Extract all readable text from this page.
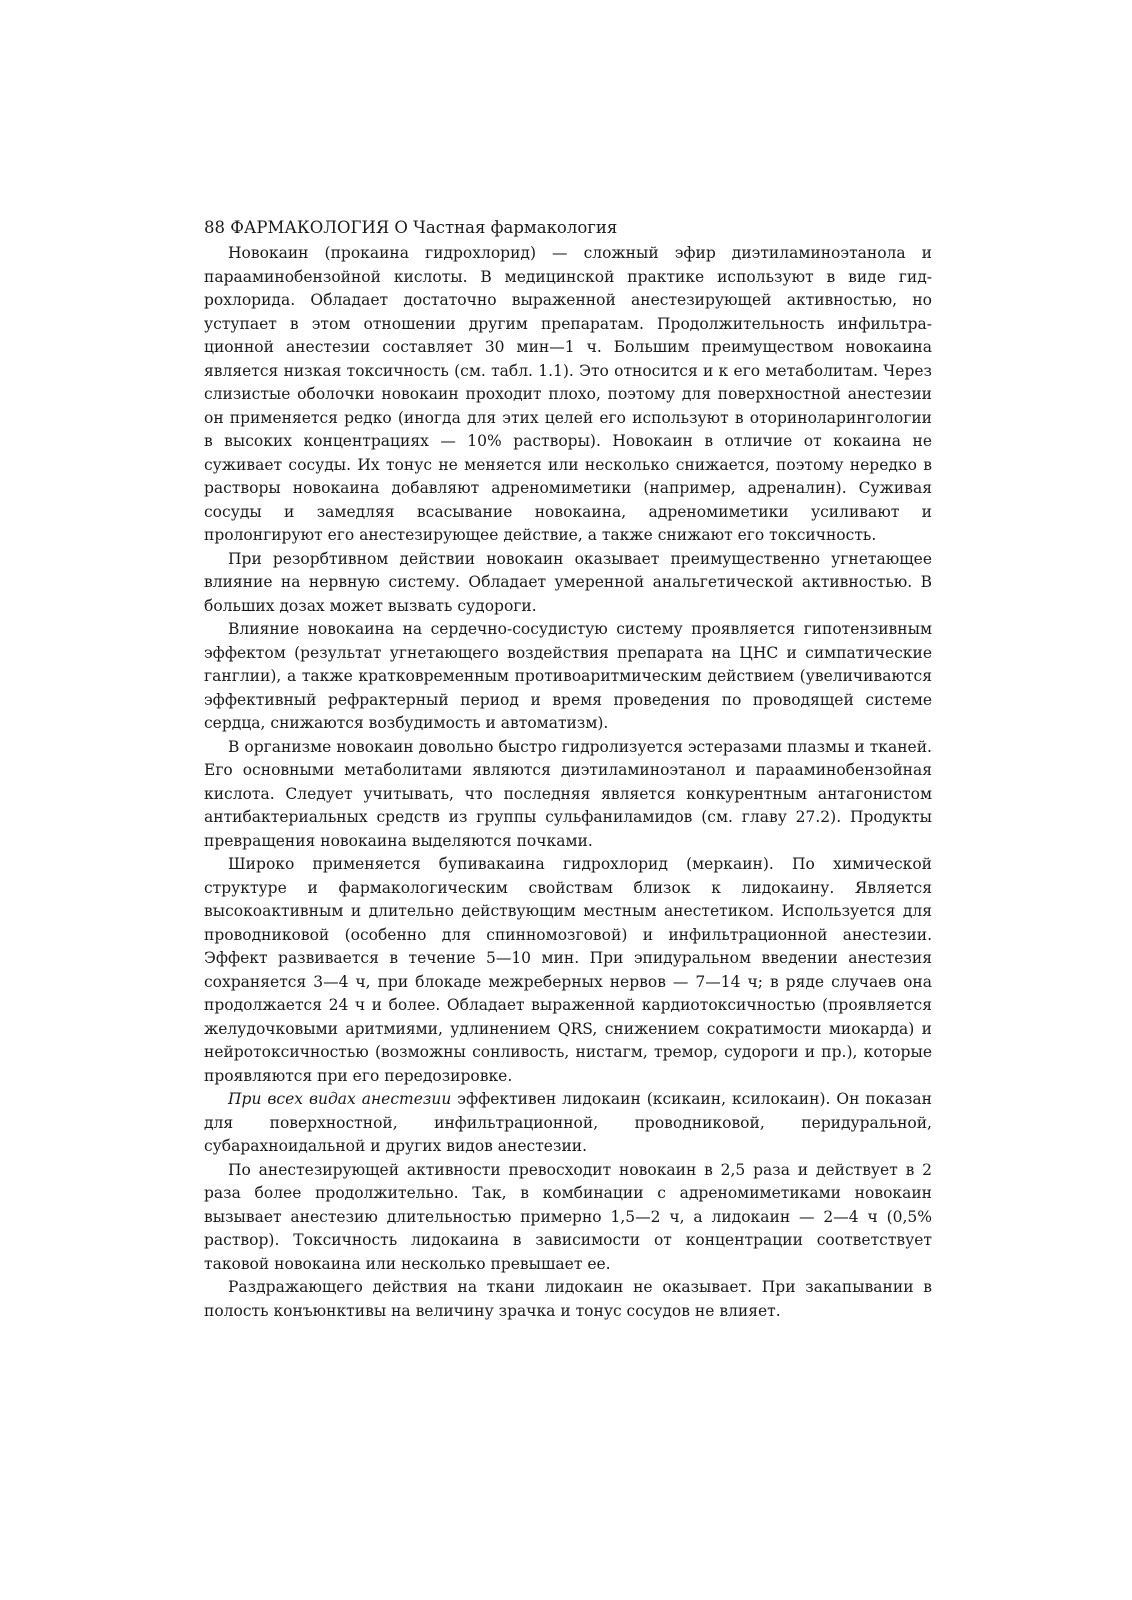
88 ФАРМАКОЛОГИЯ О Частная фармакология

Новокаин (прокаина гидрохлорид) — сложный эфир диэтиламиноэтанола и парааминобензойной кислоты. В медицинской практике используют в виде гидрохлорида. Обладает достаточно выраженной анестезирующей активностью, но уступает в этом отношении другим препаратам. Продолжительность инфильтрационной анестезии составляет 30 мин—1 ч. Большим преимуществом новокаина является низкая токсичность (см. табл. 1.1). Это относится и к его метаболитам. Через слизистые оболочки новокаин проходит плохо, поэтому для поверхностной анестезии он применяется редко (иногда для этих целей его используют в оториноларингологии в высоких концентрациях — 10% растворы). Новокаин в отличие от кокаина не суживает сосуды. Их тонус не меняется или несколько снижается, поэтому нередко в растворы новокаина добавляют адреномиметики (например, адреналин). Суживая сосуды и замедляя всасывание новокаина, адреномиметики усиливают и пролонгируют его анестезирующее действие, а также снижают его токсичность.

При резорбтивном действии новокаин оказывает преимущественно угнетающее влияние на нервную систему. Обладает умеренной анальгетической активностью. В больших дозах может вызвать судороги.

Влияние новокаина на сердечно-сосудистую систему проявляется гипотензивным эффектом (результат угнетающего воздействия препарата на ЦНС и симпатические ганглии), а также кратковременным противоаритмическим действием (увеличиваются эффективный рефрактерный период и время проведения по проводящей системе сердца, снижаются возбудимость и автоматизм).

В организме новокаин довольно быстро гидролизуется эстеразами плазмы и тканей. Его основными метаболитами являются диэтиламиноэтанол и парааминобензойная кислота. Следует учитывать, что последняя является конкурентным антагонистом антибактериальных средств из группы сульфаниламидов (см. главу 27.2). Продукты превращения новокаина выделяются почками.

Широко применяется бупивакаина гидрохлорид (меркаин). По химической структуре и фармакологическим свойствам близок к лидокаину. Является высокоактивным и длительно действующим местным анестетиком. Используется для проводниковой (особенно для спинномозговой) и инфильтрационной анестезии. Эффект развивается в течение 5—10 мин. При эпидуральном введении анестезия сохраняется 3—4 ч, при блокаде межреберных нервов — 7—14 ч; в ряде случаев она продолжается 24 ч и более. Обладает выраженной кардиотоксичностью (проявляется желудочковыми аритмиями, удлинением QRS, снижением сократимости миокарда) и нейротоксичностью (возможны сонливость, нистагм, тремор, судороги и пр.), которые проявляются при его передозировке.

При всех видах анестезии эффективен лидокаин (ксикаин, ксилокаин). Он показан для поверхностной, инфильтрационной, проводниковой, перидуральной, субарахноидальной и других видов анестезии.

По анестезирующей активности превосходит новокаин в 2,5 раза и действует в 2 раза более продолжительно. Так, в комбинации с адреномиметиками новокаин вызывает анестезию длительностью примерно 1,5—2 ч, а лидокаин — 2—4 ч (0,5% раствор). Токсичность лидокаина в зависимости от концентрации соответствует таковой новокаина или несколько превышает ее.

Раздражающего действия на ткани лидокаин не оказывает. При закапывании в полость конъюнктивы на величину зрачка и тонус сосудов не влияет.
